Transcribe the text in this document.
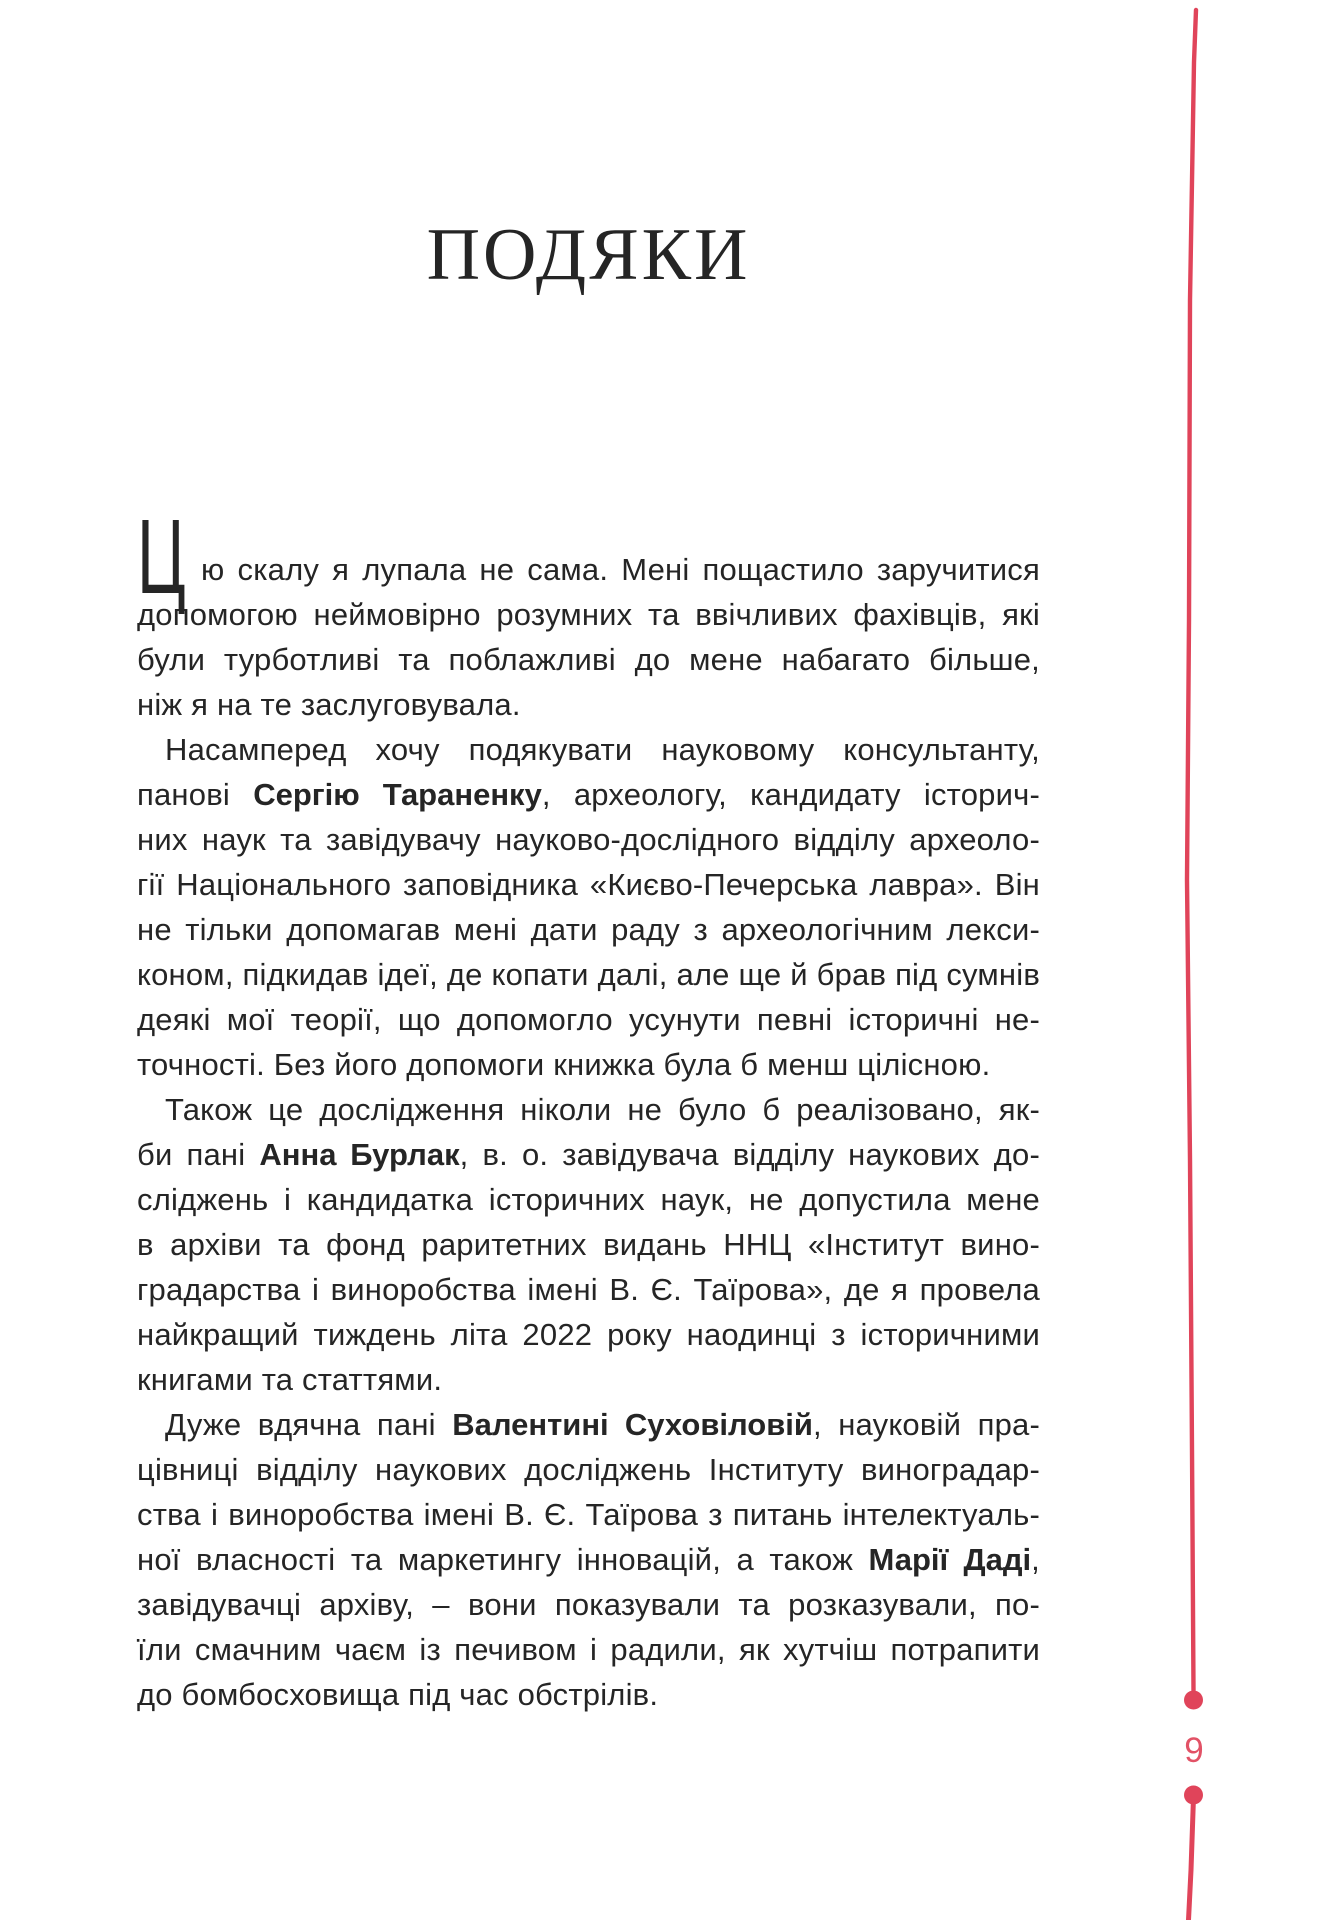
ПОДЯКИ
Ц ю скалу я лупала не сама. Мені пощастило заручитися
допомогою неймовірно розумних та ввічливих фахівців, які
були турботливі та поблажливі до мене набагато більше,
ніж я на те заслуговувала.
Насамперед хочу подякувати науковому консультанту,
панові Сергію Тараненку, археологу, кандидату історич-
них наук та завідувачу науково-дослідного відділу археоло-
гії Національного заповідника «Києво-Печерська лавра». Він
не тільки допомагав мені дати раду з археологічним лекси-
коном, підкидав ідеї, де копати далі, але ще й брав під сумнів
деякі мої теорії, що допомогло усунути певні історичні не-
точності. Без його допомоги книжка була б менш цілісною.
Також це дослідження ніколи не було б реалізовано, як-
би пані Анна Бурлак, в. о. завідувача відділу наукових до-
сліджень і кандидатка історичних наук, не допустила мене
в архіви та фонд раритетних видань ННЦ «Інститут вино-
градарства і виноробства імені В. Є. Таїрова», де я провела
найкращий тиждень літа 2022 року наодинці з історичними
книгами та статтями.
Дуже вдячна пані Валентині Суховіловій, науковій пра-
цівниці відділу наукових досліджень Інституту виноградар-
ства і виноробства імені В. Є. Таїрова з питань інтелектуаль-
ної власності та маркетингу інновацій, а також Марії Даді,
завідувачці архіву, – вони показували та розказували, по-
їли смачним чаєм із печивом і радили, як хутчіш потрапити
до бомбосховища під час обстрілів.
9
